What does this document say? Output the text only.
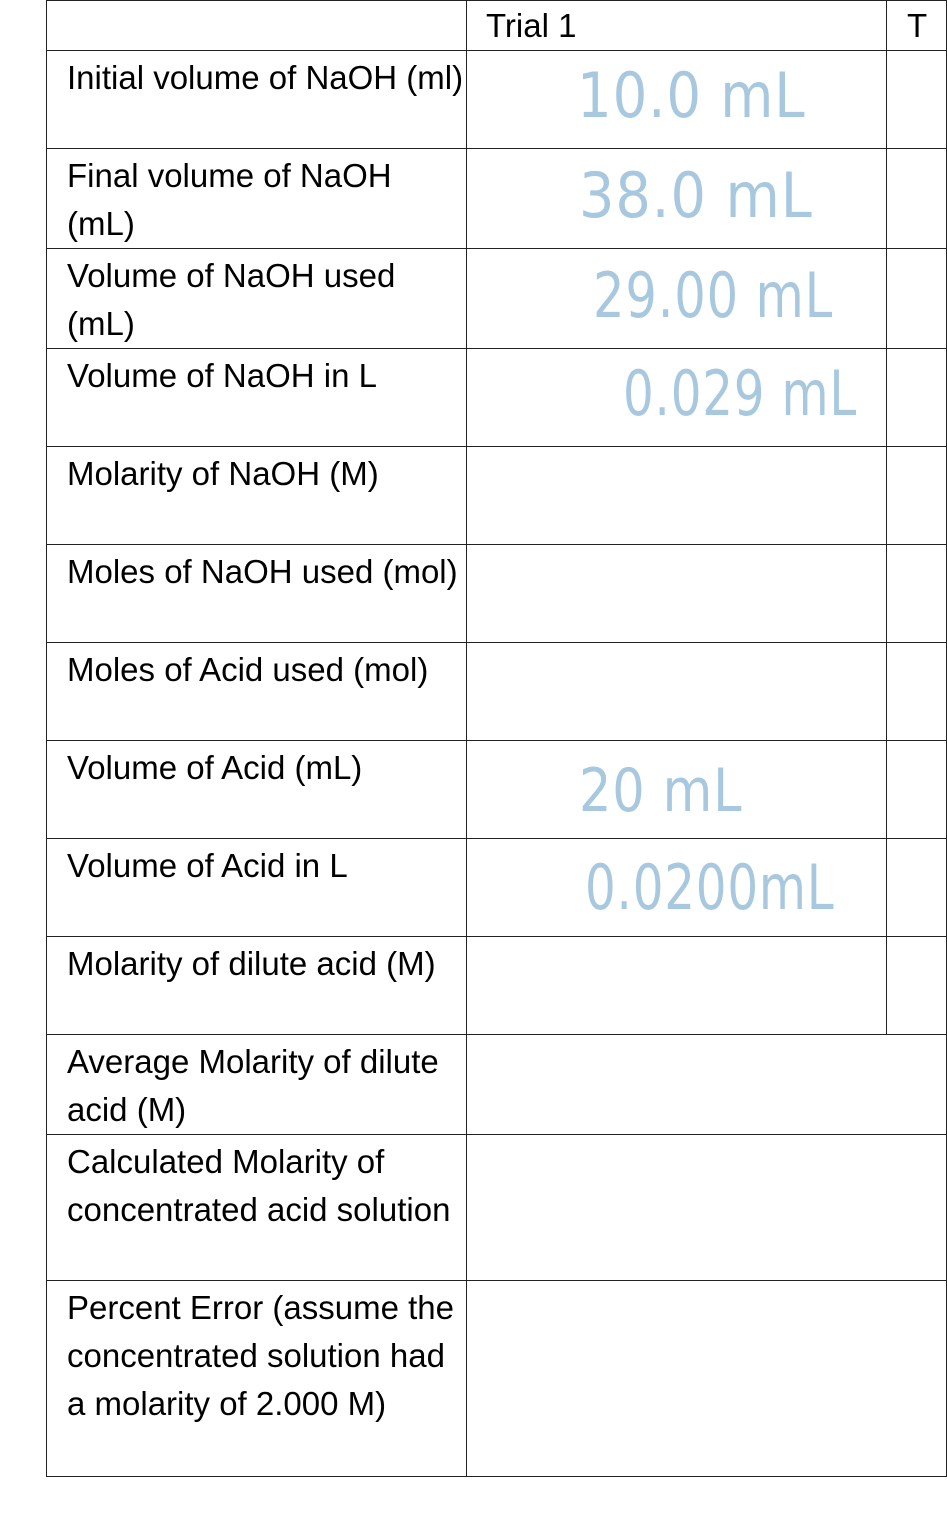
	Trial 1	T

Initial volume of NaOH (ml)	10.0 mL	

Final volume of NaOH (mL)	38.0 mL	

Volume of NaOH used (mL)	29.00 mL	

Volume of NaOH in L	0.029 mL	

Molarity of NaOH (M)		
Moles of NaOH used (mol)		
Moles of Acid used (mol)		
Volume of Acid (mL)	20 mL	

Volume of Acid in L	0.0200mL	

Molarity of dilute acid (M)		
Average Molarity of dilute acid (M)		
Calculated Molarity of concentrated acid solution		
Percent Error (assume the concentrated solution had a molarity of 2.000 M)		
